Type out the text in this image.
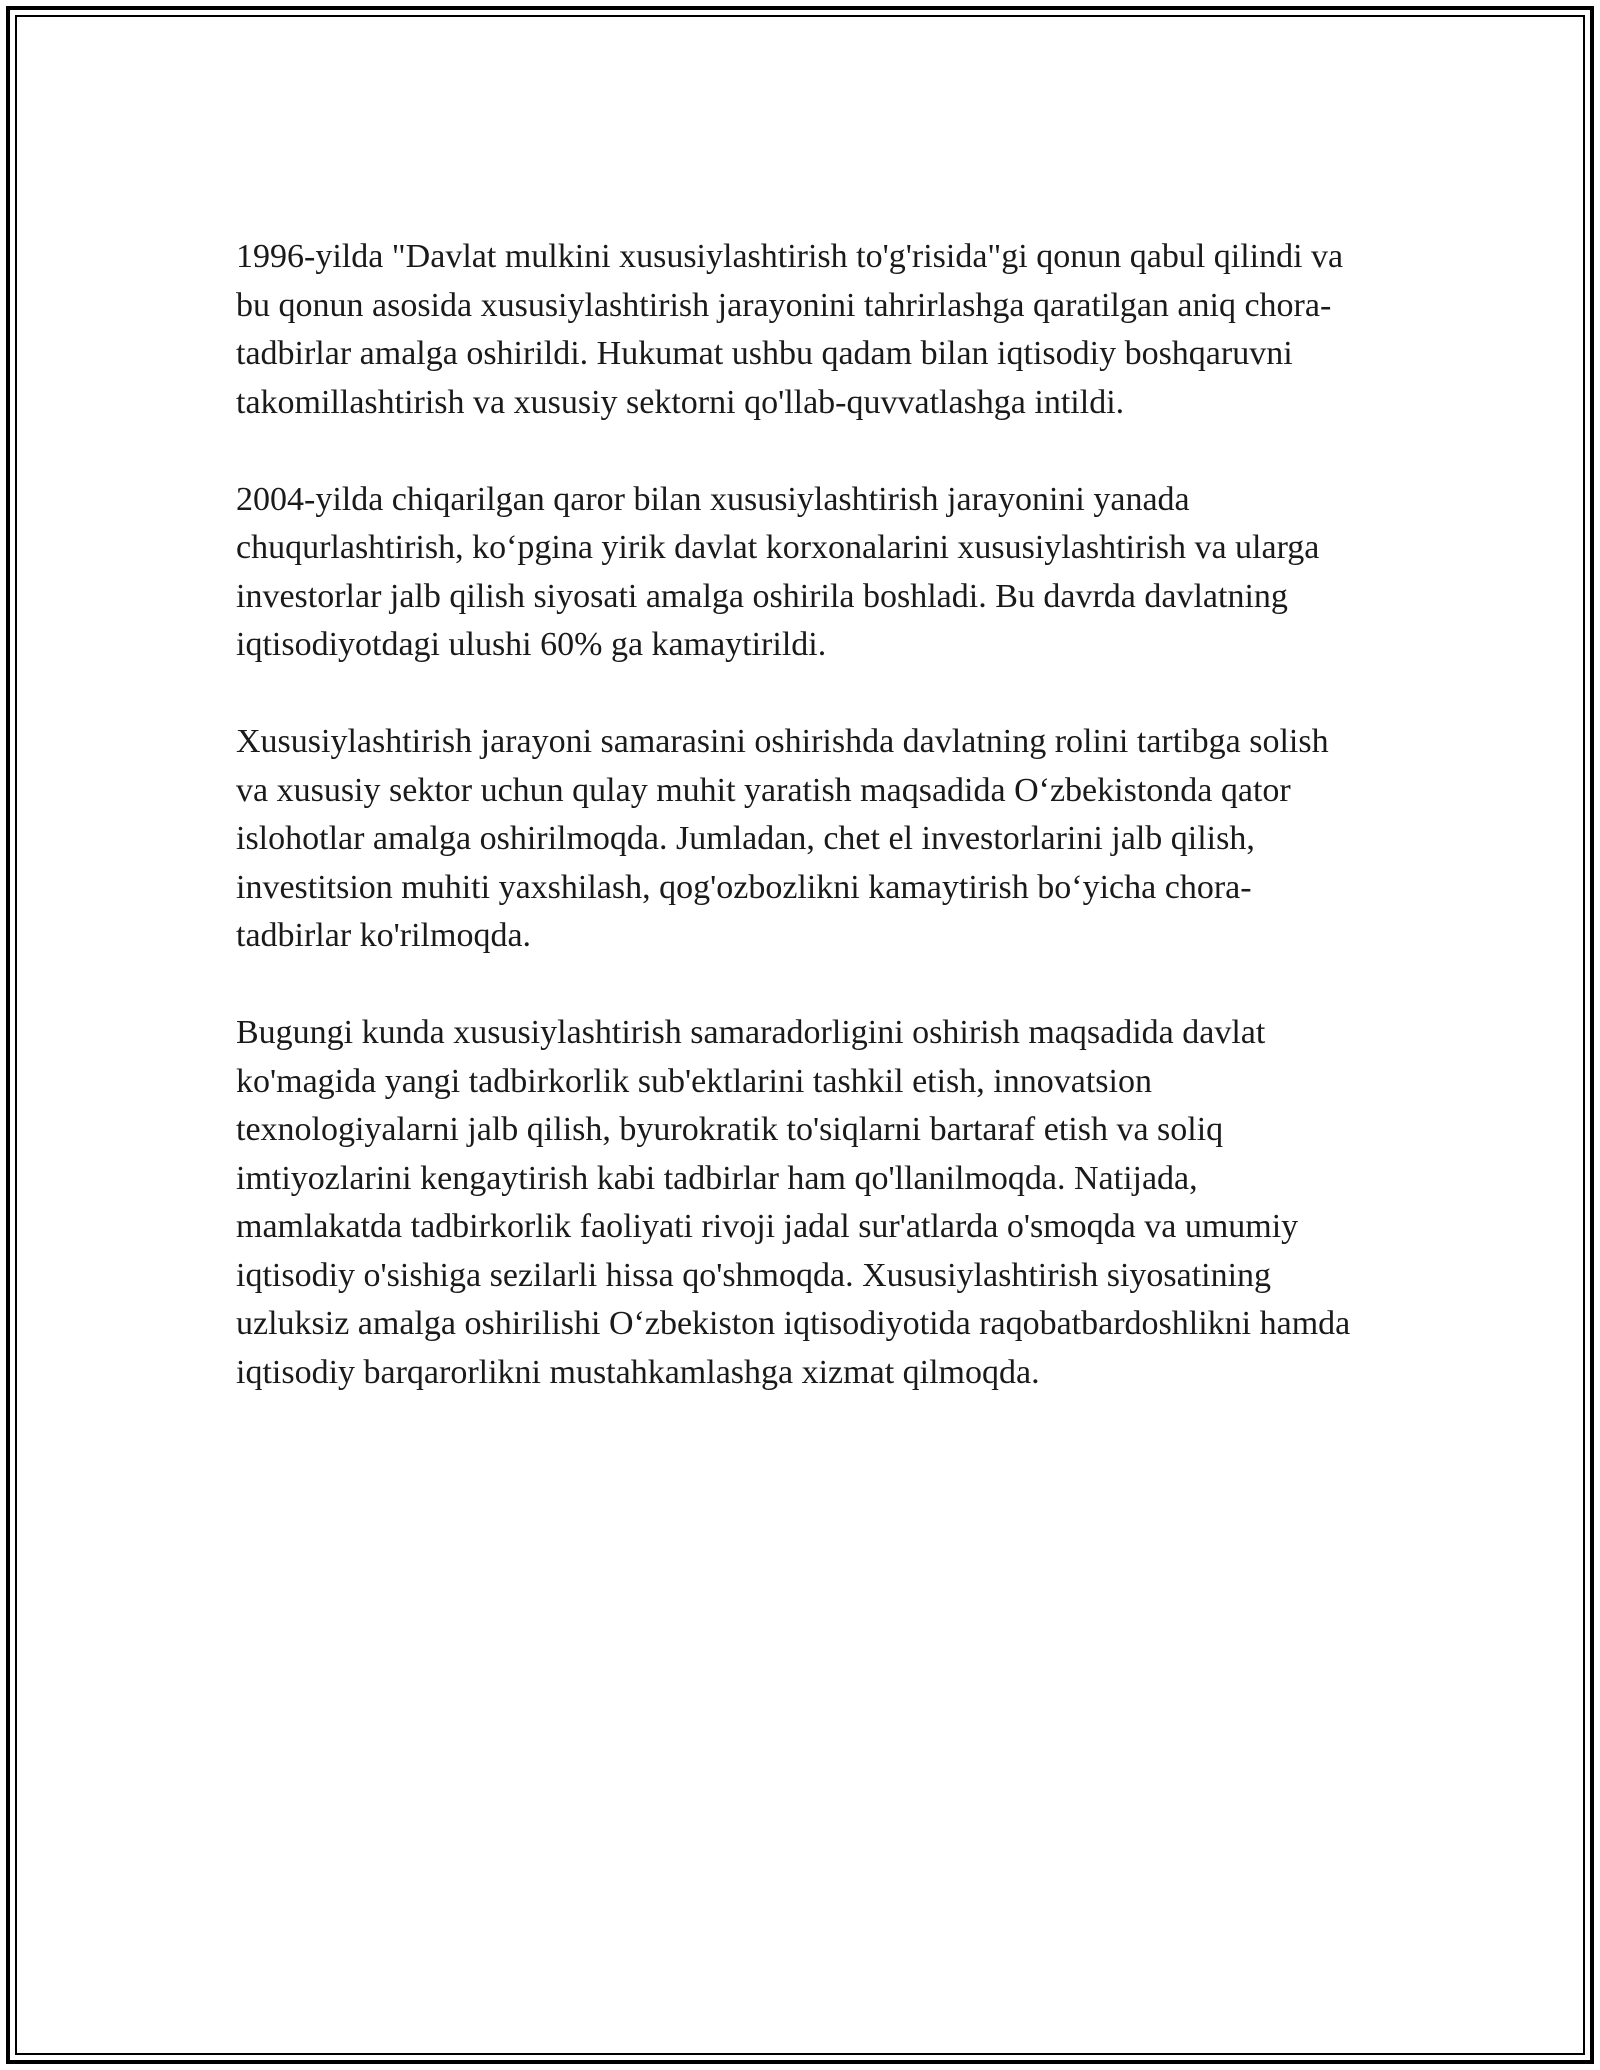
1996-yilda "Davlat mulkini xususiylashtirish to'g'risida"gi qonun qabul qilindi va bu qonun asosida xususiylashtirish jarayonini tahrirlashga qaratilgan aniq chora-tadbirlar amalga oshirildi. Hukumat ushbu qadam bilan iqtisodiy boshqaruvni takomillashtirish va xususiy sektorni qo'llab-quvvatlashga intildi.

2004-yilda chiqarilgan qaror bilan xususiylashtirish jarayonini yanada chuqurlashtirish, ko‘pgina yirik davlat korxonalarini xususiylashtirish va ularga investorlar jalb qilish siyosati amalga oshirila boshladi. Bu davrda davlatning iqtisodiyotdagi ulushi 60% ga kamaytirildi.

Xususiylashtirish jarayoni samarasini oshirishda davlatning rolini tartibga solish va xususiy sektor uchun qulay muhit yaratish maqsadida O‘zbekistonda qator islohotlar amalga oshirilmoqda. Jumladan, chet el investorlarini jalb qilish, investitsion muhiti yaxshilash, qog'ozbozlikni kamaytirish bo‘yicha chora-tadbirlar ko'rilmoqda.

Bugungi kunda xususiylashtirish samaradorligini oshirish maqsadida davlat ko'magida yangi tadbirkorlik sub'ektlarini tashkil etish, innovatsion texnologiyalarni jalb qilish, byurokratik to'siqlarni bartaraf etish va soliq imtiyozlarini kengaytirish kabi tadbirlar ham qo'llanilmoqda. Natijada, mamlakatda tadbirkorlik faoliyati rivoji jadal sur'atlarda o'smoqda va umumiy iqtisodiy o'sishiga sezilarli hissa qo'shmoqda. Xususiylashtirish siyosatining uzluksiz amalga oshirilishi O‘zbekiston iqtisodiyotida raqobatbardoshlikni hamda iqtisodiy barqarorlikni mustahkamlashga xizmat qilmoqda.
